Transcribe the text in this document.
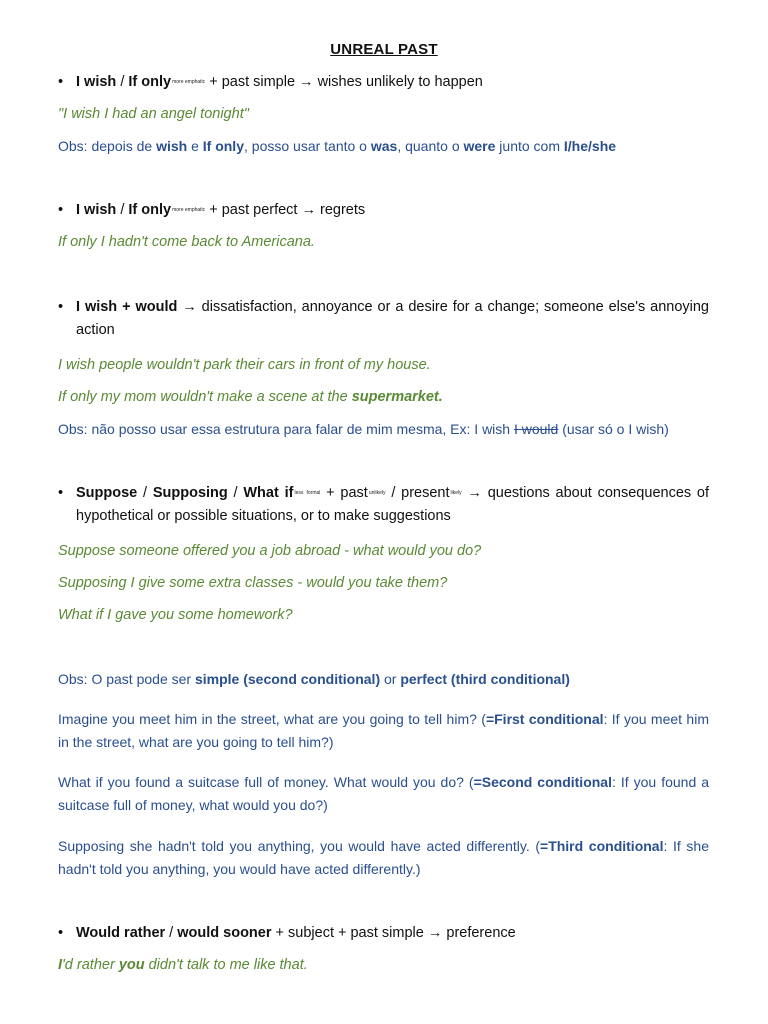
UNREAL PAST
• I wish / If only$^{more emphatic}$ + past simple → wishes unlikely to happen
"I wish I had an angel tonight"
Obs: depois de wish e If only, posso usar tanto o was, quanto o were junto com I/he/she
• I wish / If only$^{more emphatic}$ + past perfect → regrets
If only I hadn't come back to Americana.
• I wish + would → dissatisfaction, annoyance or a desire for a change; someone else's annoying action
I wish people wouldn't park their cars in front of my house.
If only my mom wouldn't make a scene at the supermarket.
Obs: não posso usar essa estrutura para falar de mim mesma, Ex: I wish I would (usar só o I wish)
• Suppose / Supposing / What $if^{less formal}$ + past$^{unlikely}$ / present$^{likely}$ → questions about consequences of hypothetical or possible situations, or to make suggestions
Suppose someone offered you a job abroad - what would you do?
Supposing I give some extra classes - would you take them?
What if I gave you some homework?
Obs: O past pode ser simple (second conditional) or perfect (third conditional)
Imagine you meet him in the street, what are you going to tell him? (=First conditional: If you meet him in the street, what are you going to tell him?)
What if you found a suitcase full of money. What would you do? (=Second conditional: If you found a suitcase full of money, what would you do?)
Supposing she hadn't told you anything, you would have acted differently. (=Third conditional: If she hadn't told you anything, you would have acted differently.)
• Would rather / would sooner + subject + past simple → preference
I'd rather you didn't talk to me like that.
